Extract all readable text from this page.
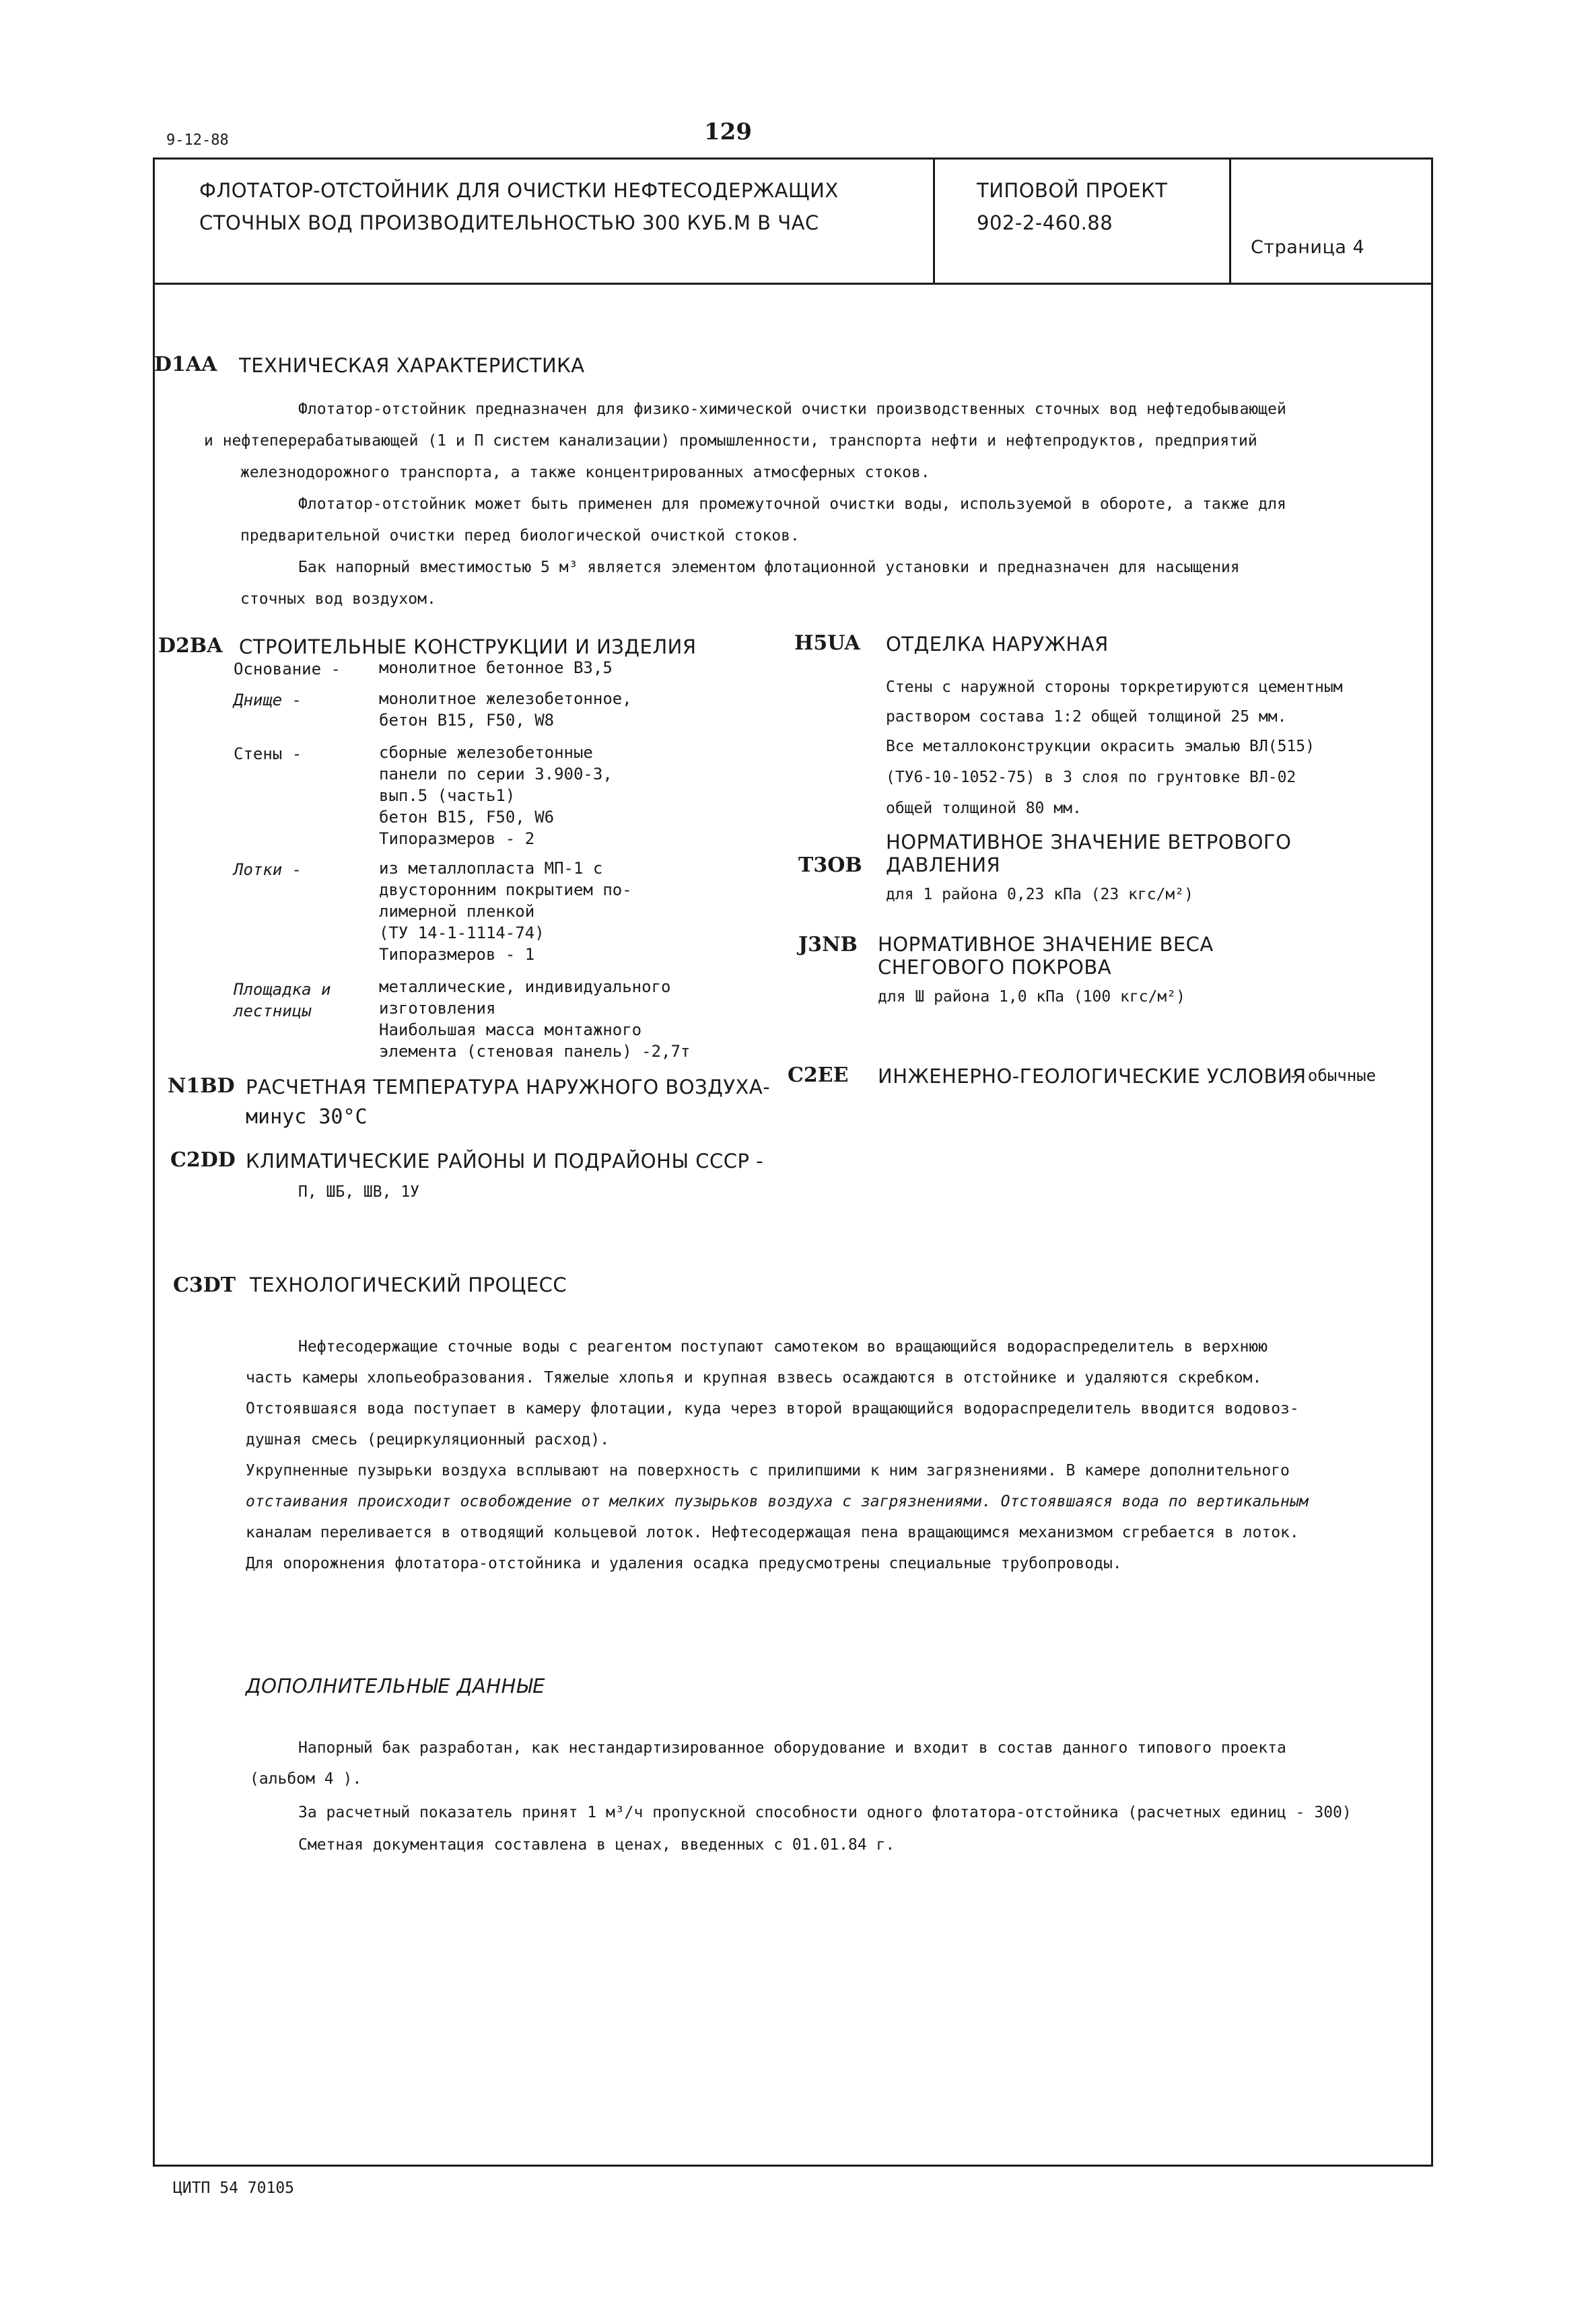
9-12-88	129
ФЛОТАТОР-ОТСТОЙНИК ДЛЯ ОЧИСТКИ НЕФТЕСОДЕРЖАЩИХ
СТОЧНЫХ ВОД ПРОИЗВОДИТЕЛЬНОСТЬЮ 300 КУБ.М В ЧАС
ТИПОВОЙ ПРОЕКТ
902-2-460.88
Страница 4
D1AA ТЕХНИЧЕСКАЯ ХАРАКТЕРИСТИКА
Флотатор-отстойник предназначен для физико-химической очистки производственных сточных вод нефтедобывающей
и нефтеперерабатывающей (1 и П систем канализации) промышленности, транспорта нефти и нефтепродуктов, предприятий
железнодорожного транспорта, а также концентрированных атмосферных стоков.
Флотатор-отстойник может быть применен для промежуточной очистки воды, используемой в обороте, а также для
предварительной очистки перед биологической очисткой стоков.
Бак напорный вместимостью 5 м³ является элементом флотационной установки и предназначен для насыщения
сточных вод воздухом.
D2BA СТРОИТЕЛЬНЫЕ КОНСТРУКЦИИ И ИЗДЕЛИЯ
Основание - монолитное бетонное В3,5
Днище -	монолитное железобетонное,
бетон В15, F50, W8
Стены -	сборные железобетонные
панели по серии 3.900-3,
вып.5 (часть1)
бетон В15, F50, W6
Типоразмеров - 2
Лотки -	из металлопласта МП-1 с
двусторонним покрытием по-
лимерной пленкой
(ТУ 14-1-1114-74)
Типоразмеров - 1
Площадка и
лестницы
металлические, индивидуального
изготовления
Наибольшая масса монтажного
элемента (стеновая панель) -2,7т
H5UA ОТДЕЛКА НАРУЖНАЯ
Стены с наружной стороны торкретируются цементным
раствором состава 1:2 общей толщиной 25 мм.
Все металлоконструкции окрасить эмалью ВЛ(515)
(ТУ6-10-1052-75) в 3 слоя по грунтовке ВЛ-02
общей толщиной 80 мм.
Т3ОВ
НОРМАТИВНОЕ ЗНАЧЕНИЕ ВЕТРОВОГО
ДАВЛЕНИЯ
для 1 района 0,23 кПа (23 кгс/м²)
J3NB НОРМАТИВНОЕ ЗНАЧЕНИЕ ВЕСА
СНЕГОВОГО ПОКРОВА
для Ш района 1,0 кПа (100 кгс/м²)
N1BD РАСЧЕТНАЯ ТЕМПЕРАТУРА НАРУЖНОГО ВОЗДУХА-
минус 30°С
C2EE ИНЖЕНЕРНО-ГЕОЛОГИЧЕСКИЕ УСЛОВИЯ
- обычные
C2DD КЛИМАТИЧЕСКИЕ РАЙОНЫ И ПОДРАЙОНЫ СССР -
П, ШБ, ШВ, 1У
C3DT ТЕХНОЛОГИЧЕСКИЙ ПРОЦЕСС
Нефтесодержащие сточные воды с реагентом поступают самотеком во вращающийся водораспределитель в верхнюю
часть камеры хлопьеобразования. Тяжелые хлопья и крупная взвесь осаждаются в отстойнике и удаляются скребком.
Отстоявшаяся вода поступает в камеру флотации, куда через второй вращающийся водораспределитель вводится водовоз-
душная смесь (рециркуляционный расход).
Укрупненные пузырьки воздуха всплывают на поверхность с прилипшими к ним загрязнениями. В камере дополнительного
отстаивания происходит освобождение от мелких пузырьков воздуха с загрязнениями. Отстоявшаяся вода по вертикальным
каналам переливается в отводящий кольцевой лоток. Нефтесодержащая пена вращающимся механизмом сгребается в лоток.
Для опорожнения флотатора-отстойника и удаления осадка предусмотрены специальные трубопроводы.
ДОПОЛНИТЕЛЬНЫЕ ДАННЫЕ
Напорный бак разработан, как нестандартизированное оборудование и входит в состав данного типового проекта
(альбом 4 ).
За расчетный показатель принят 1 м³/ч пропускной способности одного флотатора-отстойника (расчетных единиц - 300)
Сметная документация составлена в ценах, введенных с 01.01.84 г.
ЦИТП 54 70105
